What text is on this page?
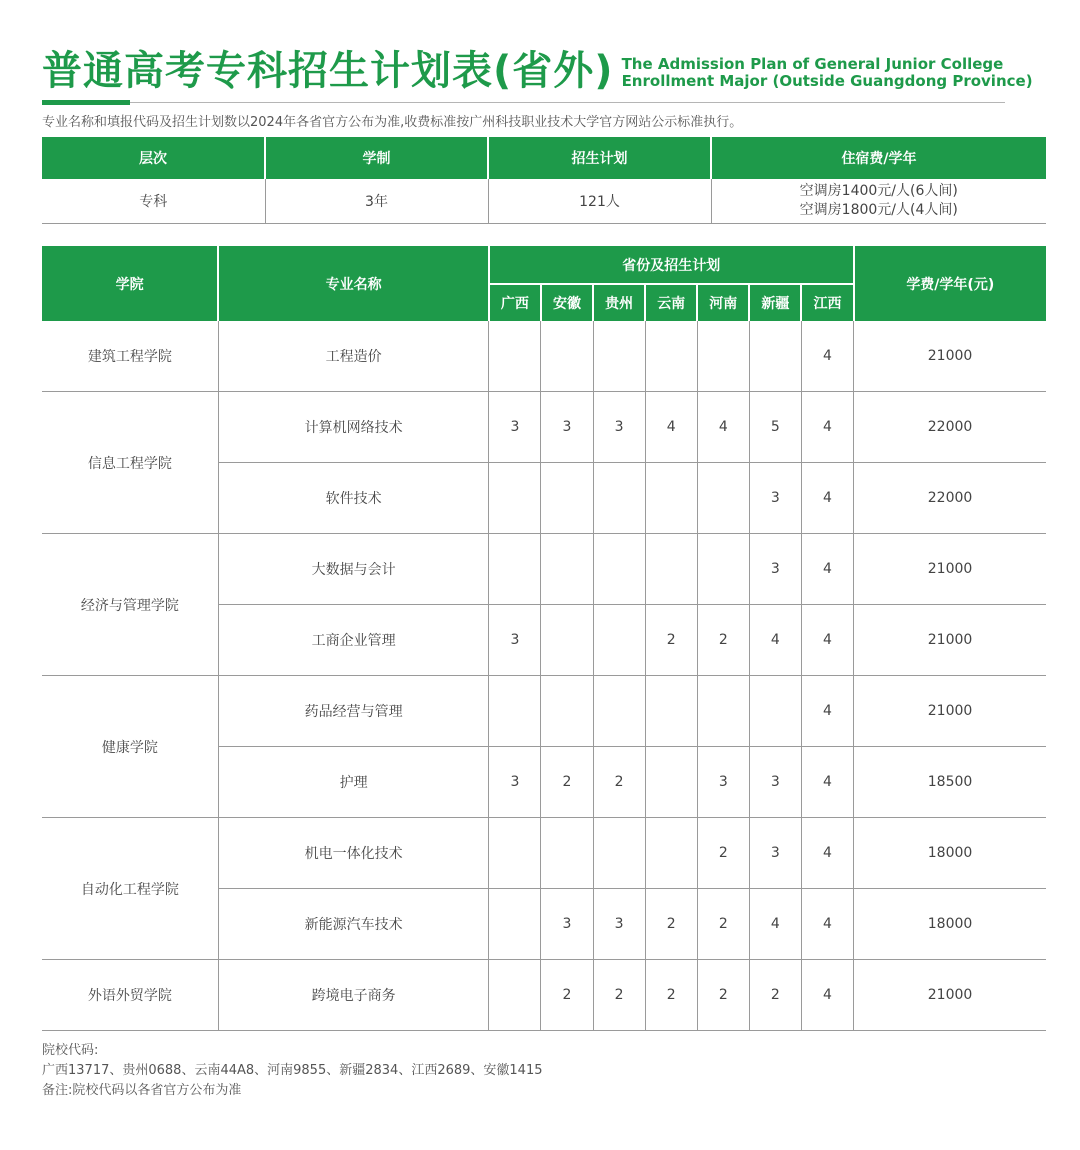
普通高考专科招生计划表(省外) The Admission Plan of General Junior College
Enrollment Major (Outside Guangdong Province)
专业名称和填报代码及招生计划数以2024年各省官方公布为准,收费标准按广州科技职业技术大学官方网站公示标准执行。
层次	学制	招生计划	住宿费/学年
专科	3年	121人	空调房1400元/人(6人间)
空调房1800元/人(4人间)
学院	专业名称	省份及招生计划							学费/学年(元)
		广西	安徽	贵州	云南	河南	新疆	江西	
建筑工程学院	工程造价							4	21000
信息工程学院	计算机网络技术	3	3	3	4	4	5	4	22000
	软件技术						3	4	22000
经济与管理学院	大数据与会计						3	4	21000
	工商企业管理	3			2	2	4	4	21000
健康学院	药品经营与管理							4	21000
	护理	3	2	2		3	3	4	18500
自动化工程学院	机电一体化技术					2	3	4	18000
	新能源汽车技术		3	3	2	2	4	4	18000
外语外贸学院	跨境电子商务		2	2	2	2	2	4	21000
院校代码:
广西13717、贵州0688、云南44A8、河南9855、新疆2834、江西2689、安徽1415
备注:院校代码以各省官方公布为准
